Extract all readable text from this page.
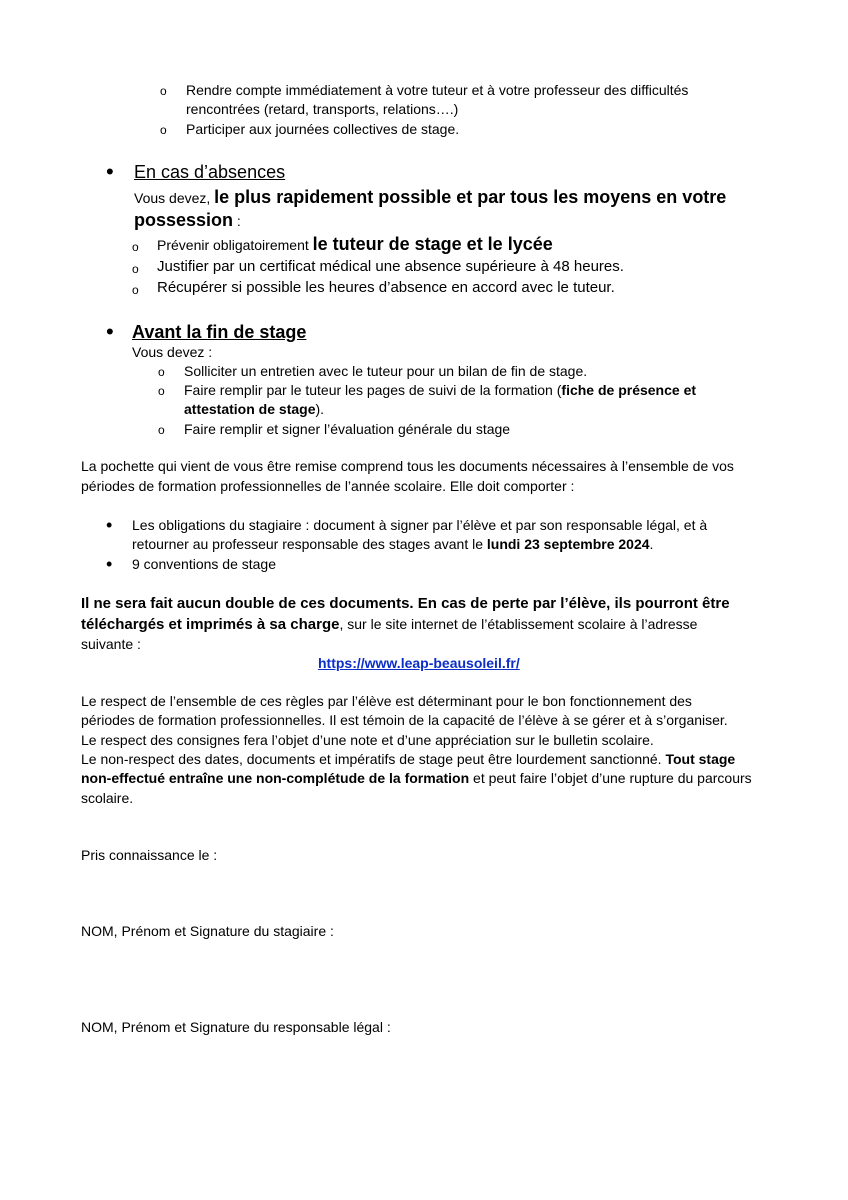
o Rendre compte immédiatement à votre tuteur et à votre professeur des difficultés
rencontrées (retard, transports, relations….)
o Participer aux journées collectives de stage.
• En cas d’absences
Vous devez, le plus rapidement possible et par tous les moyens en votre
possession :
o Prévenir obligatoirement le tuteur de stage et le lycée
o Justifier par un certificat médical une absence supérieure à 48 heures.
o Récupérer si possible les heures d’absence en accord avec le tuteur.
• Avant la fin de stage
Vous devez :
o Solliciter un entretien avec le tuteur pour un bilan de fin de stage.
o Faire remplir par le tuteur les pages de suivi de la formation (fiche de présence et
attestation de stage).
o Faire remplir et signer l’évaluation générale du stage
La pochette qui vient de vous être remise comprend tous les documents nécessaires à l’ensemble de vos
périodes de formation professionnelles de l’année scolaire. Elle doit comporter :
• Les obligations du stagiaire : document à signer par l’élève et par son responsable légal, et à
retourner au professeur responsable des stages avant le lundi 23 septembre 2024.
• 9 conventions de stage
Il ne sera fait aucun double de ces documents. En cas de perte par l’élève, ils pourront être
téléchargés et imprimés à sa charge, sur le site internet de l’établissement scolaire à l’adresse
suivante :
https://www.leap-beausoleil.fr/
Le respect de l’ensemble de ces règles par l’élève est déterminant pour le bon fonctionnement des
périodes de formation professionnelles. Il est témoin de la capacité de l’élève à se gérer et à s’organiser.
Le respect des consignes fera l’objet d’une note et d’une appréciation sur le bulletin scolaire.
Le non-respect des dates, documents et impératifs de stage peut être lourdement sanctionné. Tout stage
non-effectué entraîne une non-complétude de la formation et peut faire l’objet d’une rupture du parcours
scolaire.
Pris connaissance le :
NOM, Prénom et Signature du stagiaire :
NOM, Prénom et Signature du responsable légal :
